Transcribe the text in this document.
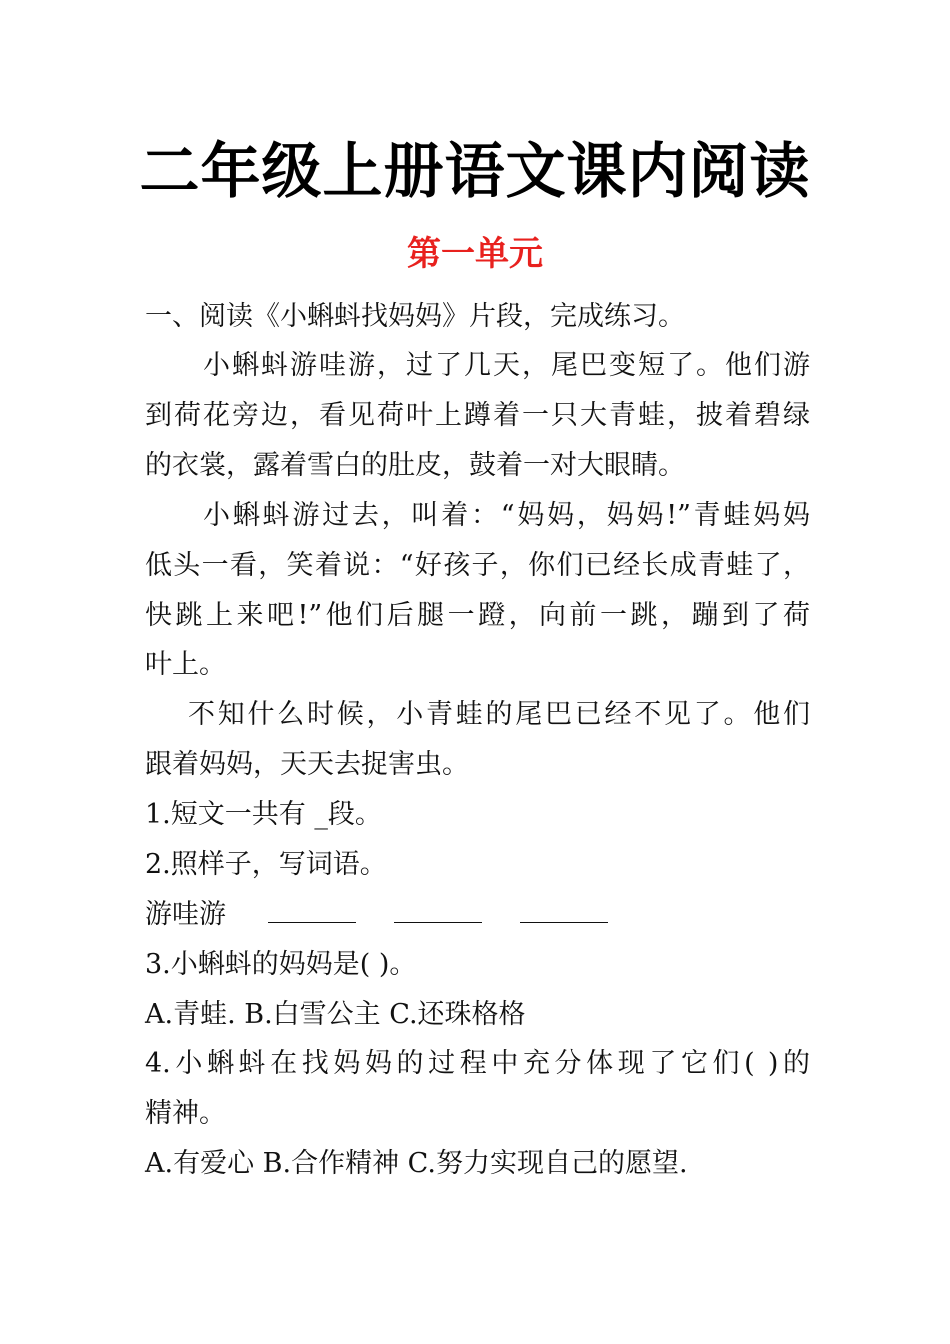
二年级上册语文课内阅读
第一单元
一、阅读《小蝌蚪找妈妈》片段，完成练习。
小蝌蚪游哇游，过了几天，尾巴变短了。他们游
到荷花旁边，看见荷叶上蹲着一只大青蛙，披着碧绿
的衣裳，露着雪白的肚皮，鼓着一对大眼睛。
小蝌蚪游过去，叫着：“妈妈，妈妈!”青蛙妈妈
低头一看，笑着说：“好孩子，你们已经长成青蛙了，
快跳上来吧!”他们后腿一蹬，向前一跳，蹦到了荷
叶上。
不知什么时候，小青蛙的尾巴已经不见了。他们
跟着妈妈，天天去捉害虫。
1.短文一共有 _段。
2.照样子，写词语。
游哇游
3.小蝌蚪的妈妈是( )。
A.青蛙. B.白雪公主 C.还珠格格
4.小蝌蚪在找妈妈的过程中充分体现了它们( )的
精神。
A.有爱心 B.合作精神 C.努力实现自己的愿望.
